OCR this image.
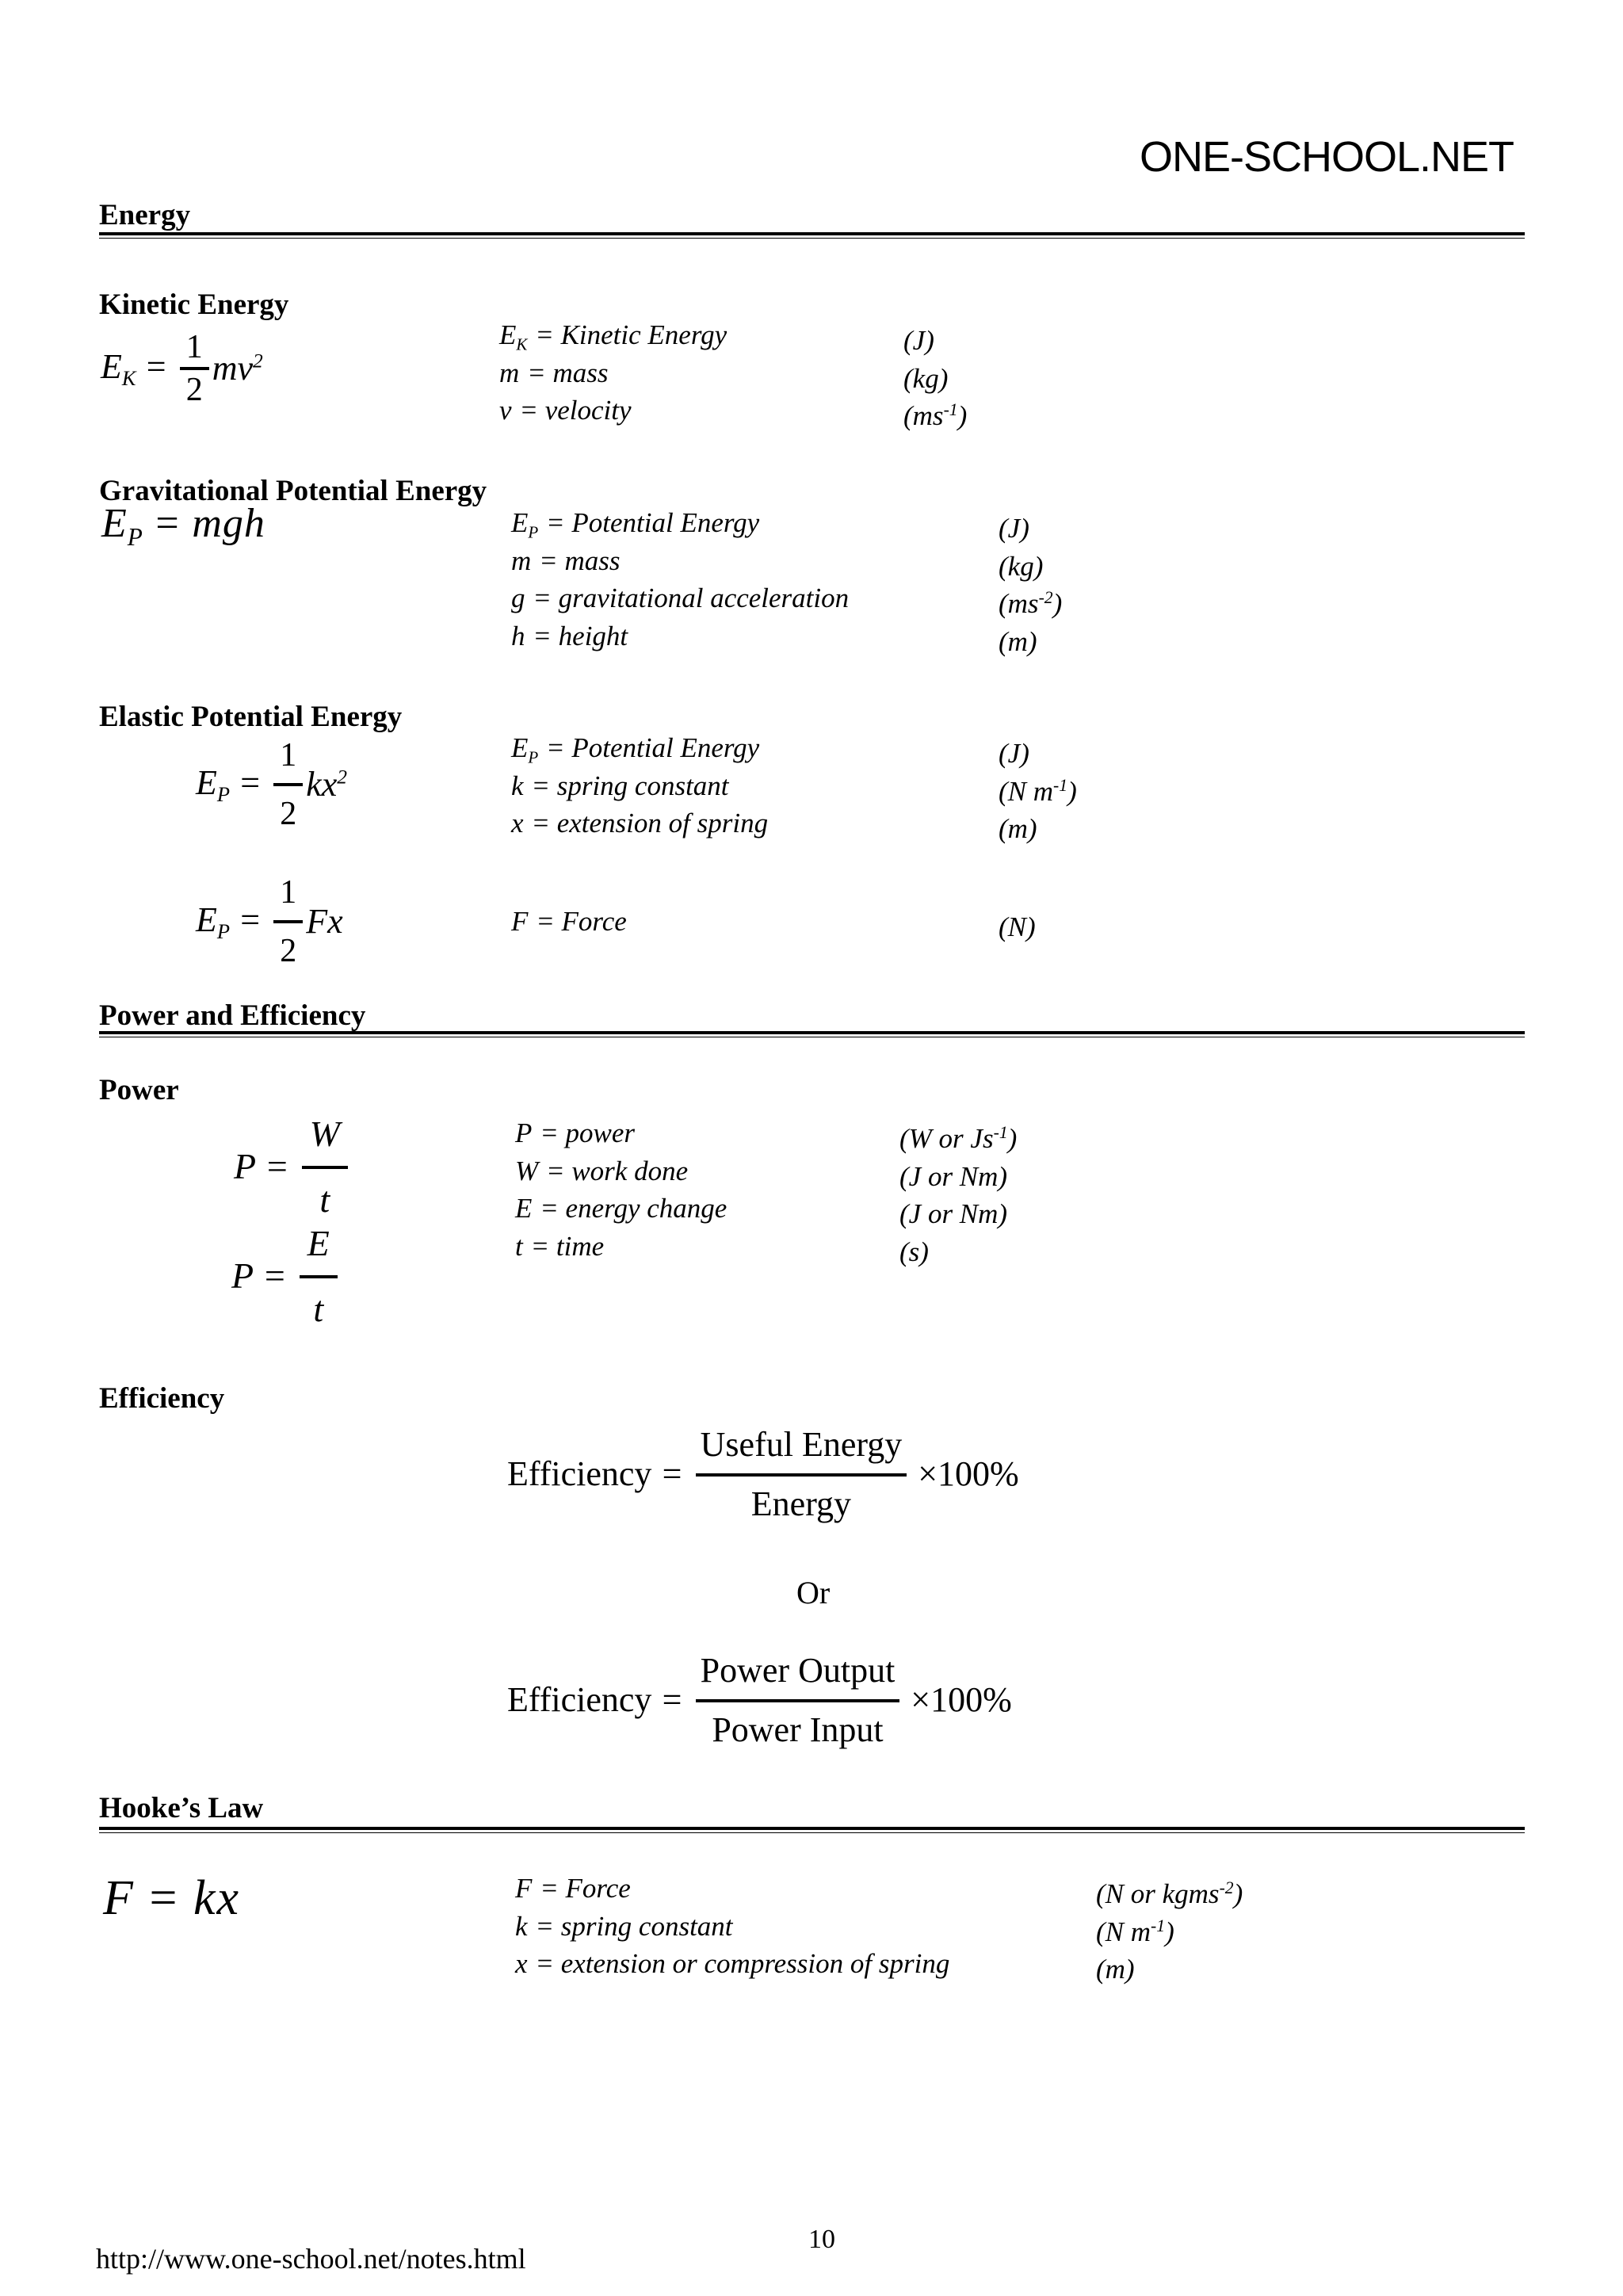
ONE-SCHOOL.NET
Energy
Kinetic Energy
$E_K = \frac{1}{2} mv^2$
$E_K$ = Kinetic Energy	(J)
m = mass	(kg)
v = velocity	$(ms^{-1})$
Gravitational Potential Energy
$E_P$ = mgh	$E_P$ = Potential Energy	(J)
m = mass	(kg)
g = gravitational acceleration	$(ms^{-2})$
h = height	(m)
Elastic Potential Energy
$E_P = \frac{1}{2} kx^2$
$E_P$ = Potential Energy	(J)
k = spring constant	(N $m^{-1}$)
x = extension of spring	(m)
$E_P = \frac{1}{2}$ Fx	F = Force	(N)
Power and Efficiency
Power
$P = \frac{W}{t}$
$P = \frac{E}{t}$
P = power	(W or $Js^{-1}$)
W = work done	(J or Nm)
E = energy change	(J or Nm)
t = time	(s)
Efficiency
Efficiency = $\frac{\text{Useful Energy}}{\text{Energy}} \times 100\%$
Or
Efficiency = $\frac{\text{Power Output}}{\text{Power Input}} \times 100\%$
Hooke’s Law
F = kx	F = Force	(N or kgms$^{-2}$)
k = spring constant	(N $m^{-1}$)
x = extension or compression of spring	(m)
http://www.one-school.net/notes.html
10
